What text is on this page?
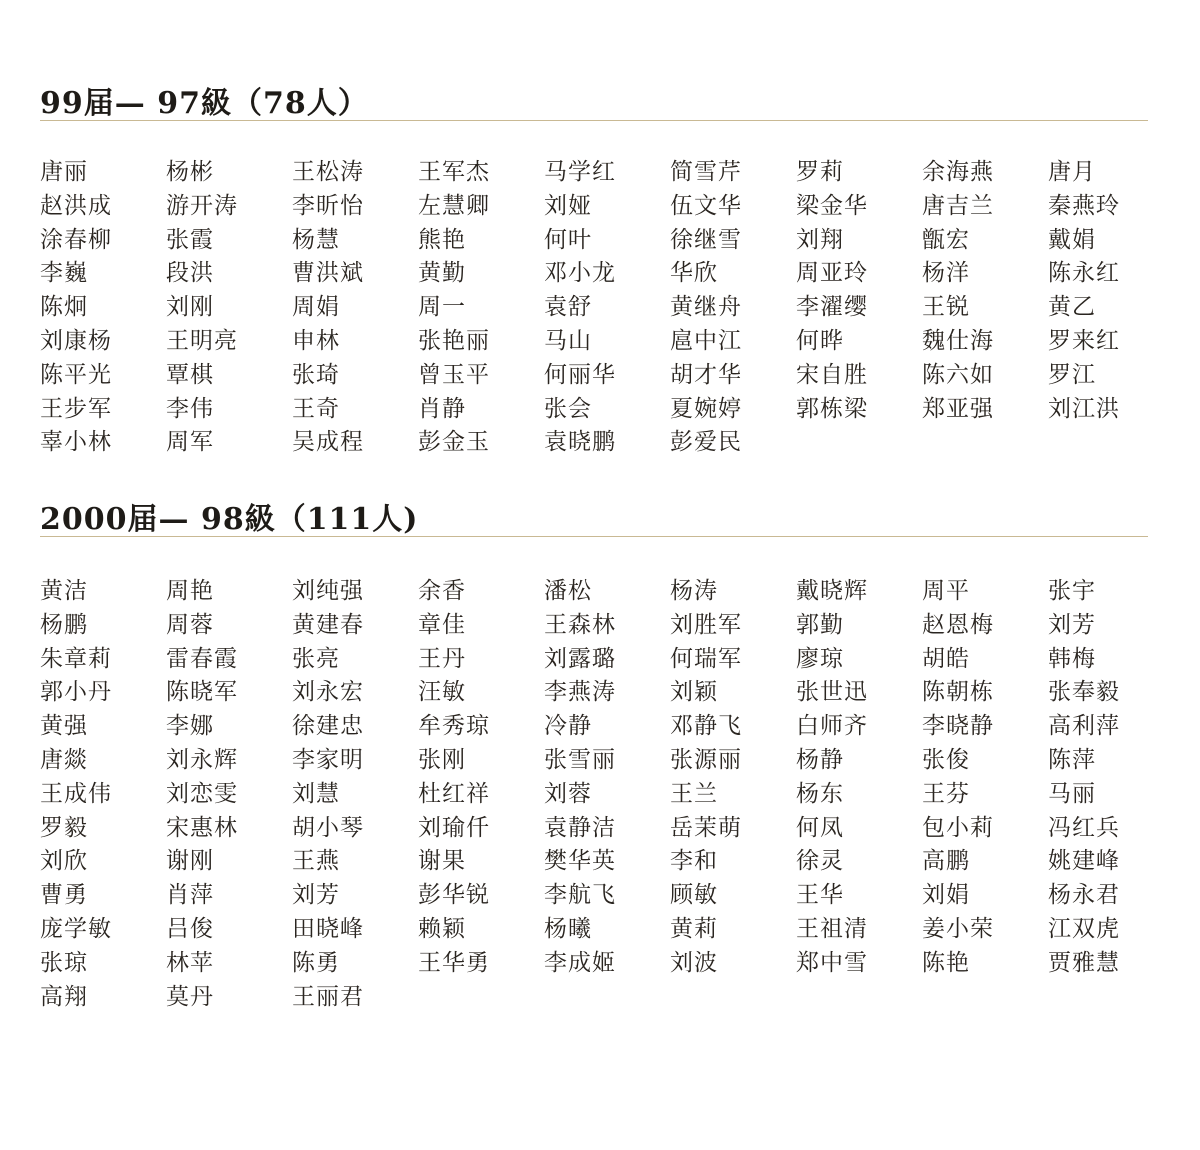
99届— 97級（78人）
唐丽	杨彬	王松涛	王军杰	马学红	简雪芹	罗莉	余海燕	唐月
赵洪成	游开涛	李昕怡	左慧卿	刘娅	伍文华	梁金华	唐吉兰	秦燕玲
涂春柳	张霞	杨慧	熊艳	何叶	徐继雪	刘翔	甑宏	戴娟
李巍	段洪	曹洪斌	黄勤	邓小龙	华欣	周亚玲	杨洋	陈永红
陈炯	刘刚	周娟	周一	袁舒	黄继舟	李濯缨	王锐	黄乙
刘康杨	王明亮	申林	张艳丽	马山	扈中江	何晔	魏仕海	罗来红
陈平光	覃棋	张琦	曾玉平	何丽华	胡才华	宋自胜	陈六如	罗江
王步军	李伟	王奇	肖静	张会	夏婉婷	郭栋梁	郑亚强	刘江洪
辜小林	周军	吴成程	彭金玉	袁晓鹏	彭爱民
2000届— 98級（111人)
黄洁	周艳	刘纯强	余香	潘松	杨涛	戴晓辉	周平	张宇
杨鹏	周蓉	黄建春	章佳	王森林	刘胜军	郭勤	赵恩梅	刘芳
朱章莉	雷春霞	张亮	王丹	刘露璐	何瑞军	廖琼	胡皓	韩梅
郭小丹	陈晓军	刘永宏	汪敏	李燕涛	刘颖	张世迅	陈朝栋	张奉毅
黄强	李娜	徐建忠	牟秀琼	冷静	邓静飞	白师齐	李晓静	高利萍
唐燚	刘永辉	李家明	张刚	张雪丽	张源丽	杨静	张俊	陈萍
王成伟	刘恋雯	刘慧	杜红祥	刘蓉	王兰	杨东	王芬	马丽
罗毅	宋惠林	胡小琴	刘瑜仟	袁静洁	岳茉萌	何凤	包小莉	冯红兵
刘欣	谢刚	王燕	谢果	樊华英	李和	徐灵	高鹏	姚建峰
曹勇	肖萍	刘芳	彭华锐	李航飞	顾敏	王华	刘娟	杨永君
庞学敏	吕俊	田晓峰	赖颖	杨曦	黄莉	王祖清	姜小荣	江双虎
张琼	林苹	陈勇	王华勇	李成姬	刘波	郑中雪	陈艳	贾雅慧
高翔	莫丹	王丽君
